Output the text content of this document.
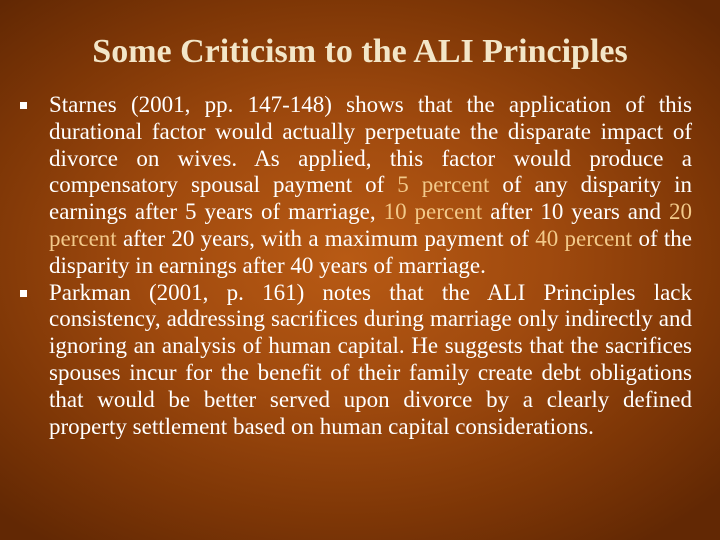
Some Criticism to the ALI Principles
Starnes (2001, pp. 147-148) shows that the application of this durational factor would actually perpetuate the disparate impact of divorce on wives. As applied, this factor would produce a compensatory spousal payment of 5 percent of any disparity in earnings after 5 years of marriage, 10 percent after 10 years and 20 percent after 20 years, with a maximum payment of 40 percent of the disparity in earnings after 40 years of marriage.
Parkman (2001, p. 161) notes that the ALI Principles lack consistency, addressing sacrifices during marriage only indirectly and ignoring an analysis of human capital. He suggests that the sacrifices spouses incur for the benefit of their family create debt obligations that would be better served upon divorce by a clearly defined property settlement based on human capital considerations.
